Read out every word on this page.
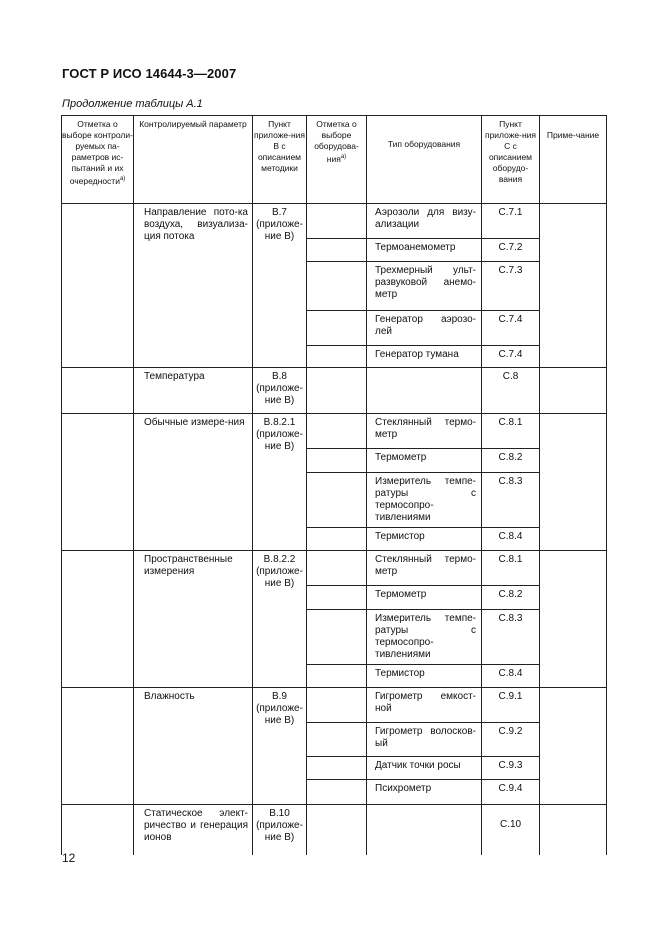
ГОСТ Р ИСО 14644-3—2007
Продолжение таблицы А.1
Отметка о выборе контроли-руемых па-раметров ис-пытаний и их очередности$^{а)}$	Контролируемый параметр	Пункт приложе-ния В с описанием методики	Отметка о выборе оборудова-ния$^{а)}$	Тип оборудования	Пункт приложе-ния С с описанием оборудо-вания	Приме-чание
	Направление пото-ка воздуха, визуализа-ция потока	В.7 (приложе-ние В)		Аэрозоли для визу-ализации	С.7.1	
				Термоанемометр	С.7.2	
				Трехмерный ульт-развуковой анемо-метр	С.7.3	
				Генератор аэрозо-лей	С.7.4	
				Генератор тумана	С.7.4	
	Температура	В.8 (приложе-ние В)			С.8	
	Обычные измере-ния	В.8.2.1 (приложе-ние В)		Стеклянный термо-метр	С.8.1	
				Термометр	С.8.2	
				Измеритель темпе-ратуры с термосопро-тивлениями	С.8.3	
				Термистор	С.8.4	
	Пространственные измерения	В.8.2.2 (приложе-ние В)		Стеклянный термо-метр	С.8.1	
				Термометр	С.8.2	
				Измеритель темпе-ратуры с термосопро-тивлениями	С.8.3	
				Термистор	С.8.4	
	Влажность	В.9 (приложе-ние В)		Гигрометр емкост-ной	С.9.1	
				Гигрометр волосков-ый	С.9.2	
				Датчик точки росы	С.9.3	
				Психрометр	С.9.4	
	Статическое элект-ричество и генерация ионов	В.10 (приложе-ние В)			С.10	
12
